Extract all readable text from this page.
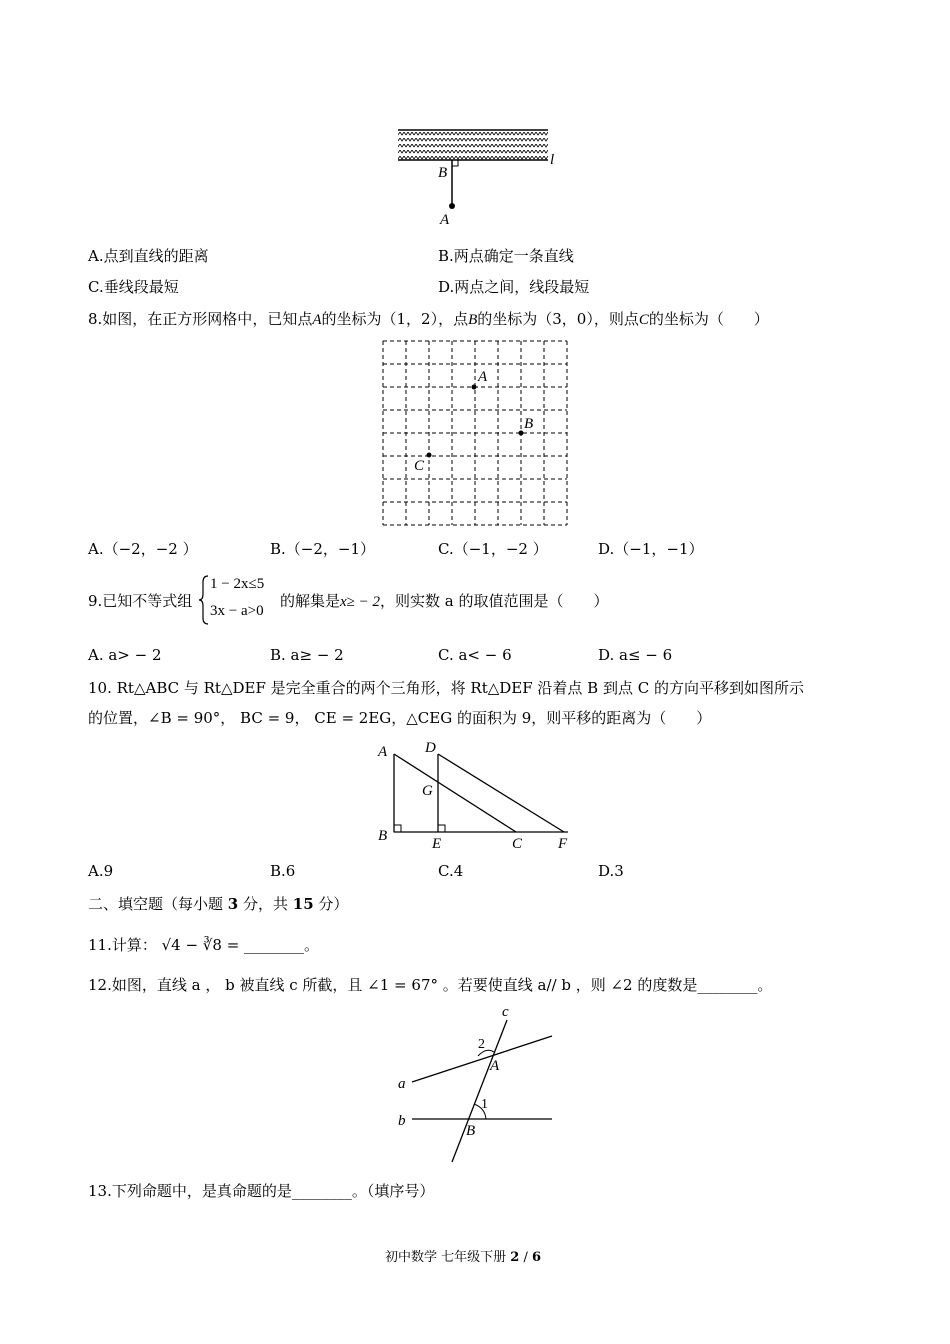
B
A
l
A.点到直线的距离	B.两点确定一条直线
C.垂线段最短	D.两点之间，线段最短
8.如图，在正方形网格中，已知点A的坐标为（1，2），点B的坐标为（3，0），则点C的坐标为（　　）
A
B
C
A.（−2，−2 ）	B.（−2，−1）	C.（−1，−2 ）	D.（−1，−1）
9.已知不等式组
1 − 2x≤5
3x − a>0
的解集是x≥ − 2，则实数 a 的取值范围是（　　）
A. a> − 2	B. a≥ − 2	C. a< − 6	D. a≤ − 6
10. Rt△ABC 与 Rt△DEF 是完全重合的两个三角形，将 Rt△DEF 沿着点 B 到点 C 的方向平移到如图所示
的位置，∠B = 90°， BC = 9， CE = 2EG，△CEG 的面积为 9，则平移的距离为（　　）
A	D
G
B	E	C F
A.9	B.6	C.4	D.3
二、填空题（每小题 3 分，共 15 分）
11.计算： √4 − ∛8 = ________。
12.如图，直线 a ， b 被直线 c 所截，且 ∠1 = 67° 。若要使直线 a// b ，则 ∠2 的度数是________。
c
2
A
a
1
b
B
13.下列命题中，是真命题的是________。（填序号）
初中数学 七年级下册 2 / 6
